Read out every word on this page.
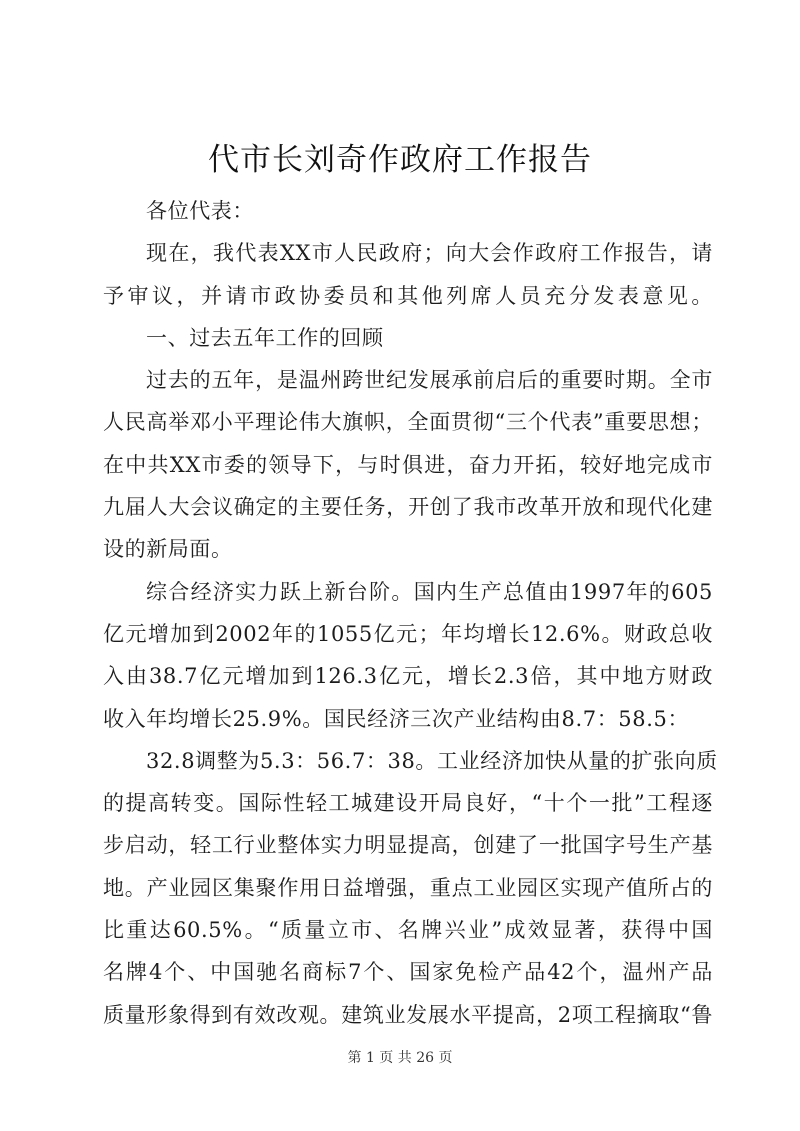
代市长刘奇作政府工作报告
各位代表：
现在，我代表XX市人民政府；向大会作政府工作报告，请
予审议，并请市政协委员和其他列席人员充分发表意见。
一、过去五年工作的回顾
过去的五年，是温州跨世纪发展承前启后的重要时期。全市
人民高举邓小平理论伟大旗帜，全面贯彻“三个代表”重要思想；
在中共XX市委的领导下，与时俱进，奋力开拓，较好地完成市
九届人大会议确定的主要任务，开创了我市改革开放和现代化建
设的新局面。
综合经济实力跃上新台阶。国内生产总值由1997年的605
亿元增加到2002年的1055亿元；年均增长12.6%。财政总收
入由38.7亿元增加到126.3亿元，增长2.3倍，其中地方财政
收入年均增长25.9%。国民经济三次产业结构由8.7：58.5：
32.8调整为5.3：56.7：38。工业经济加快从量的扩张向质
的提高转变。国际性轻工城建设开局良好，“十个一批”工程逐
步启动，轻工行业整体实力明显提高，创建了一批国字号生产基
地。产业园区集聚作用日益增强，重点工业园区实现产值所占的
比重达60.5%。“质量立市、名牌兴业”成效显著，获得中国
名牌4个、中国驰名商标7个、国家免检产品42个，温州产品
质量形象得到有效改观。建筑业发展水平提高，2项工程摘取“鲁
第 1 页 共 26 页
